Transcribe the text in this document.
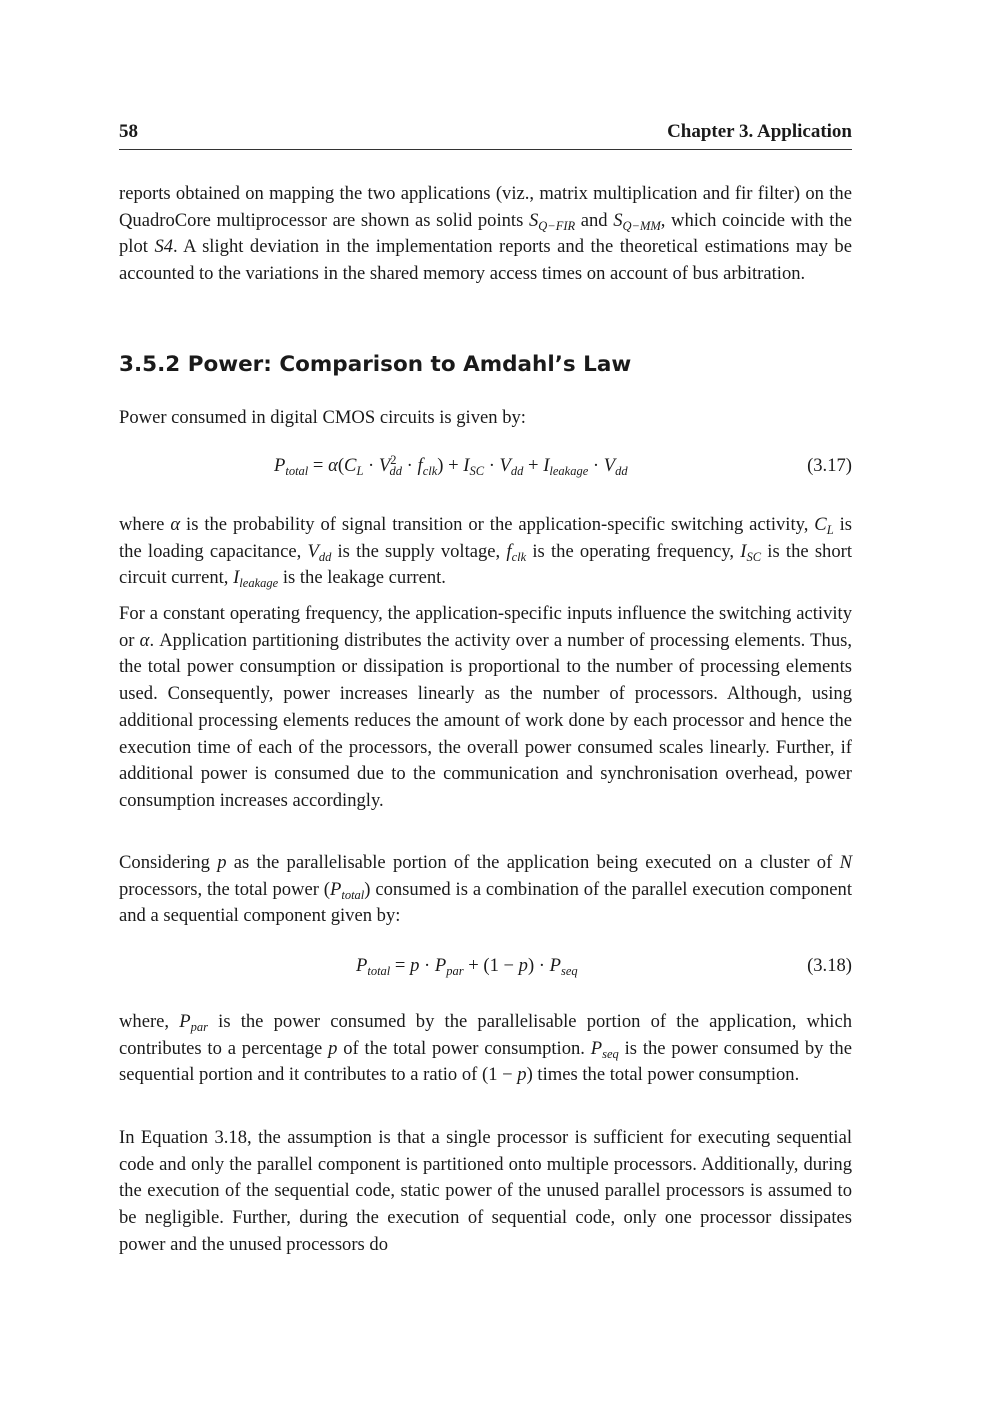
58	Chapter 3. Application

reports obtained on mapping the two applications (viz., matrix multiplication and fir filter) on the QuadroCore multiprocessor are shown as solid points $S_{Q-FIR}$ and $S_{Q-MM}$, which coincide with the plot S4. A slight deviation in the implementation reports and the theoretical estimations may be accounted to the variations in the shared memory access times on account of bus arbitration.

3.5.2 Power: Comparison to Amdahl’s Law

Power consumed in digital CMOS circuits is given by:

$P_{total} = \alpha(C_L \cdot V^2_{dd} \cdot f_{clk}) + I_{SC} \cdot V_{dd} + I_{leakage} \cdot V_{dd}$	(3.17)

where α is the probability of signal transition or the application-specific switching activity, $C_L$ is the loading capacitance, $V_{dd}$ is the supply voltage, $f_{clk}$ is the operating frequency, $I_{SC}$ is the short circuit current, $I_{leakage}$ is the leakage current.

For a constant operating frequency, the application-specific inputs influence the switching activity or α. Application partitioning distributes the activity over a number of processing elements. Thus, the total power consumption or dissipation is proportional to the number of processing elements used. Consequently, power increases linearly as the number of processors. Although, using additional processing elements reduces the amount of work done by each processor and hence the execution time of each of the processors, the overall power consumed scales linearly. Further, if additional power is consumed due to the communication and synchronisation overhead, power consumption increases accordingly.

Considering p as the parallelisable portion of the application being executed on a cluster of N processors, the total power $(P_{total})$ consumed is a combination of the parallel execution component and a sequential component given by:

$P_{total} = p \cdot P_{par} + (1 - p) \cdot P_{seq}$	(3.18)

where, $P_{par}$ is the power consumed by the parallelisable portion of the application, which contributes to a percentage p of the total power consumption. $P_{seq}$ is the power consumed by the sequential portion and it contributes to a ratio of (1 − p) times the total power consumption.

In Equation 3.18, the assumption is that a single processor is sufficient for executing sequential code and only the parallel component is partitioned onto multiple processors. Additionally, during the execution of the sequential code, static power of the unused parallel processors is assumed to be negligible. Further, during the execution of sequential code, only one processor dissipates power and the unused processors do
